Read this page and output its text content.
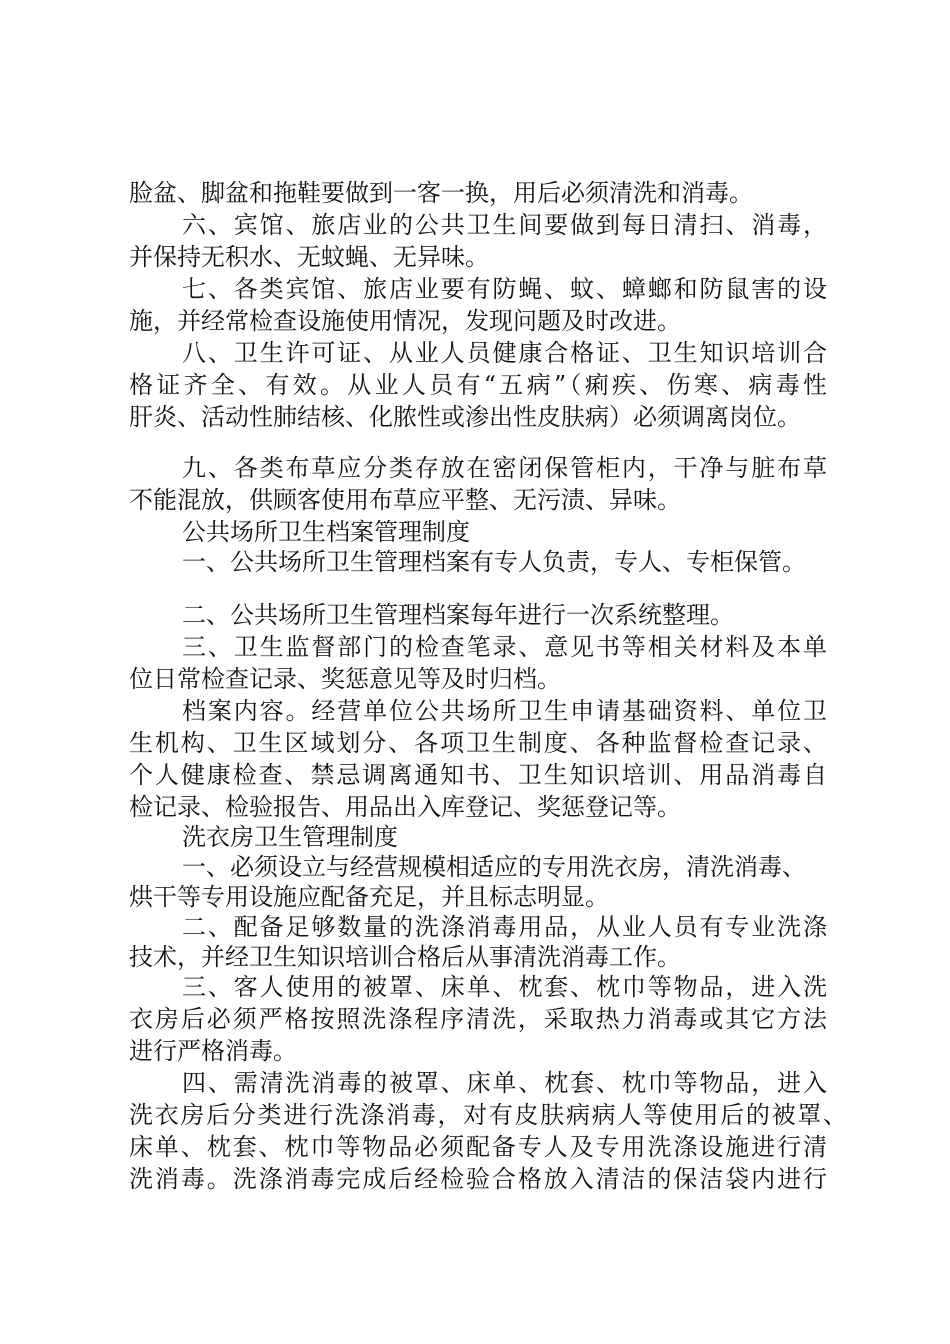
脸盆、脚盆和拖鞋要做到一客一换，用后必须清洗和消毒。

六、宾馆、旅店业的公共卫生间要做到每日清扫、消毒，

并保持无积水、无蚊蝇、无异味。

七、各类宾馆、旅店业要有防蝇、蚊、蟑螂和防鼠害的设

施，并经常检查设施使用情况，发现问题及时改进。

八、卫生许可证、从业人员健康合格证、卫生知识培训合

格证齐全、有效。从业人员有“五病”（痢疾、伤寒、病毒性

肝炎、活动性肺结核、化脓性或渗出性皮肤病）必须调离岗位。

九、各类布草应分类存放在密闭保管柜内，干净与脏布草

不能混放，供顾客使用布草应平整、无污渍、异味。

公共场所卫生档案管理制度

一、公共场所卫生管理档案有专人负责，专人、专柜保管。

二、公共场所卫生管理档案每年进行一次系统整理。

三、卫生监督部门的检查笔录、意见书等相关材料及本单

位日常检查记录、奖惩意见等及时归档。

档案内容。经营单位公共场所卫生申请基础资料、单位卫

生机构、卫生区域划分、各项卫生制度、各种监督检查记录、

个人健康检查、禁忌调离通知书、卫生知识培训、用品消毒自

检记录、检验报告、用品出入库登记、奖惩登记等。

洗衣房卫生管理制度

一、必须设立与经营规模相适应的专用洗衣房，清洗消毒、

烘干等专用设施应配备充足，并且标志明显。

二、配备足够数量的洗涤消毒用品，从业人员有专业洗涤

技术，并经卫生知识培训合格后从事清洗消毒工作。

三、客人使用的被罩、床单、枕套、枕巾等物品，进入洗

衣房后必须严格按照洗涤程序清洗，采取热力消毒或其它方法

进行严格消毒。

四、需清洗消毒的被罩、床单、枕套、枕巾等物品，进入

洗衣房后分类进行洗涤消毒，对有皮肤病病人等使用后的被罩、

床单、枕套、枕巾等物品必须配备专人及专用洗涤设施进行清

洗消毒。洗涤消毒完成后经检验合格放入清洁的保洁袋内进行
